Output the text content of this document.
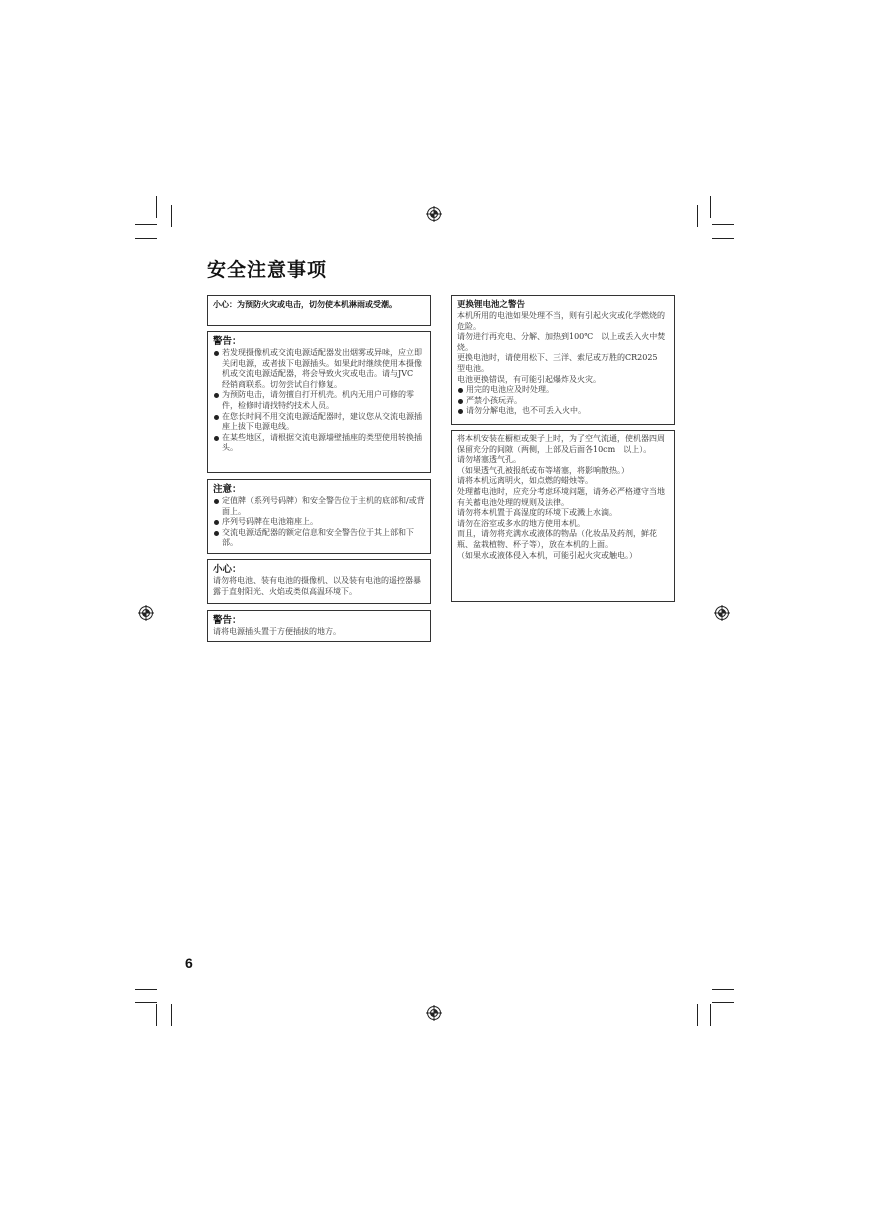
安全注意事项
小心：为预防火灾或电击，切勿使本机淋雨或受潮。
警告：
若发现摄像机或交流电源适配器发出烟雾或异味，应立即关闭电源，或者拔下电源插头。如果此时继续使用本摄像机或交流电源适配器，将会导致火灾或电击。请与JVC　经销商联系。切勿尝试自行修复。
为预防电击，请勿擅自打开机壳。机内无用户可修的零件，检修时请找特约技术人员。
在您长时间不用交流电源适配器时，建议您从交流电源插座上拔下电源电线。
在某些地区，请根据交流电源墙壁插座的类型使用转换插头。
注意：
定值牌（系列号码牌）和安全警告位于主机的底部和/或背面上。
序列号码牌在电池箱座上。
交流电源适配器的额定信息和安全警告位于其上部和下部。
小心：

请勿将电池、装有电池的摄像机、以及装有电池的遥控器暴露于直射阳光、火焰或类似高温环境下。

警告：

请将电源插头置于方便插拔的地方。

更换锂电池之警告

本机所用的电池如果处理不当，则有引起火灾或化学燃烧的危险。

请勿进行再充电、分解、加热到100℃　以上或丢入火中焚烧。

更换电池时，请使用松下、三洋、索尼或万胜的CR2025　型电池。

电池更换错误，有可能引起爆炸及火灾。

用完的电池应及时处理。
严禁小孩玩弄。
请勿分解电池，也不可丢入火中。

将本机安装在橱柜或架子上时，为了空气流通，使机器四周保留充分的间隙（两侧，上部及后面各10cm　以上）。

请勿堵塞透气孔。

（如果透气孔被报纸或布等堵塞，将影响散热。）

请将本机远离明火，如点燃的蜡烛等。

处理蓄电池时，应充分考虑环境问题，请务必严格遵守当地有关蓄电池处理的规则及法律。

请勿将本机置于高湿度的环境下或溅上水滴。

请勿在浴室或多水的地方使用本机。

而且，请勿将充满水或液体的物品（化妆品及药剂，鲜花瓶、盆栽植物、杯子等），放在本机的上面。

（如果水或液体侵入本机，可能引起火灾或触电。）

6
